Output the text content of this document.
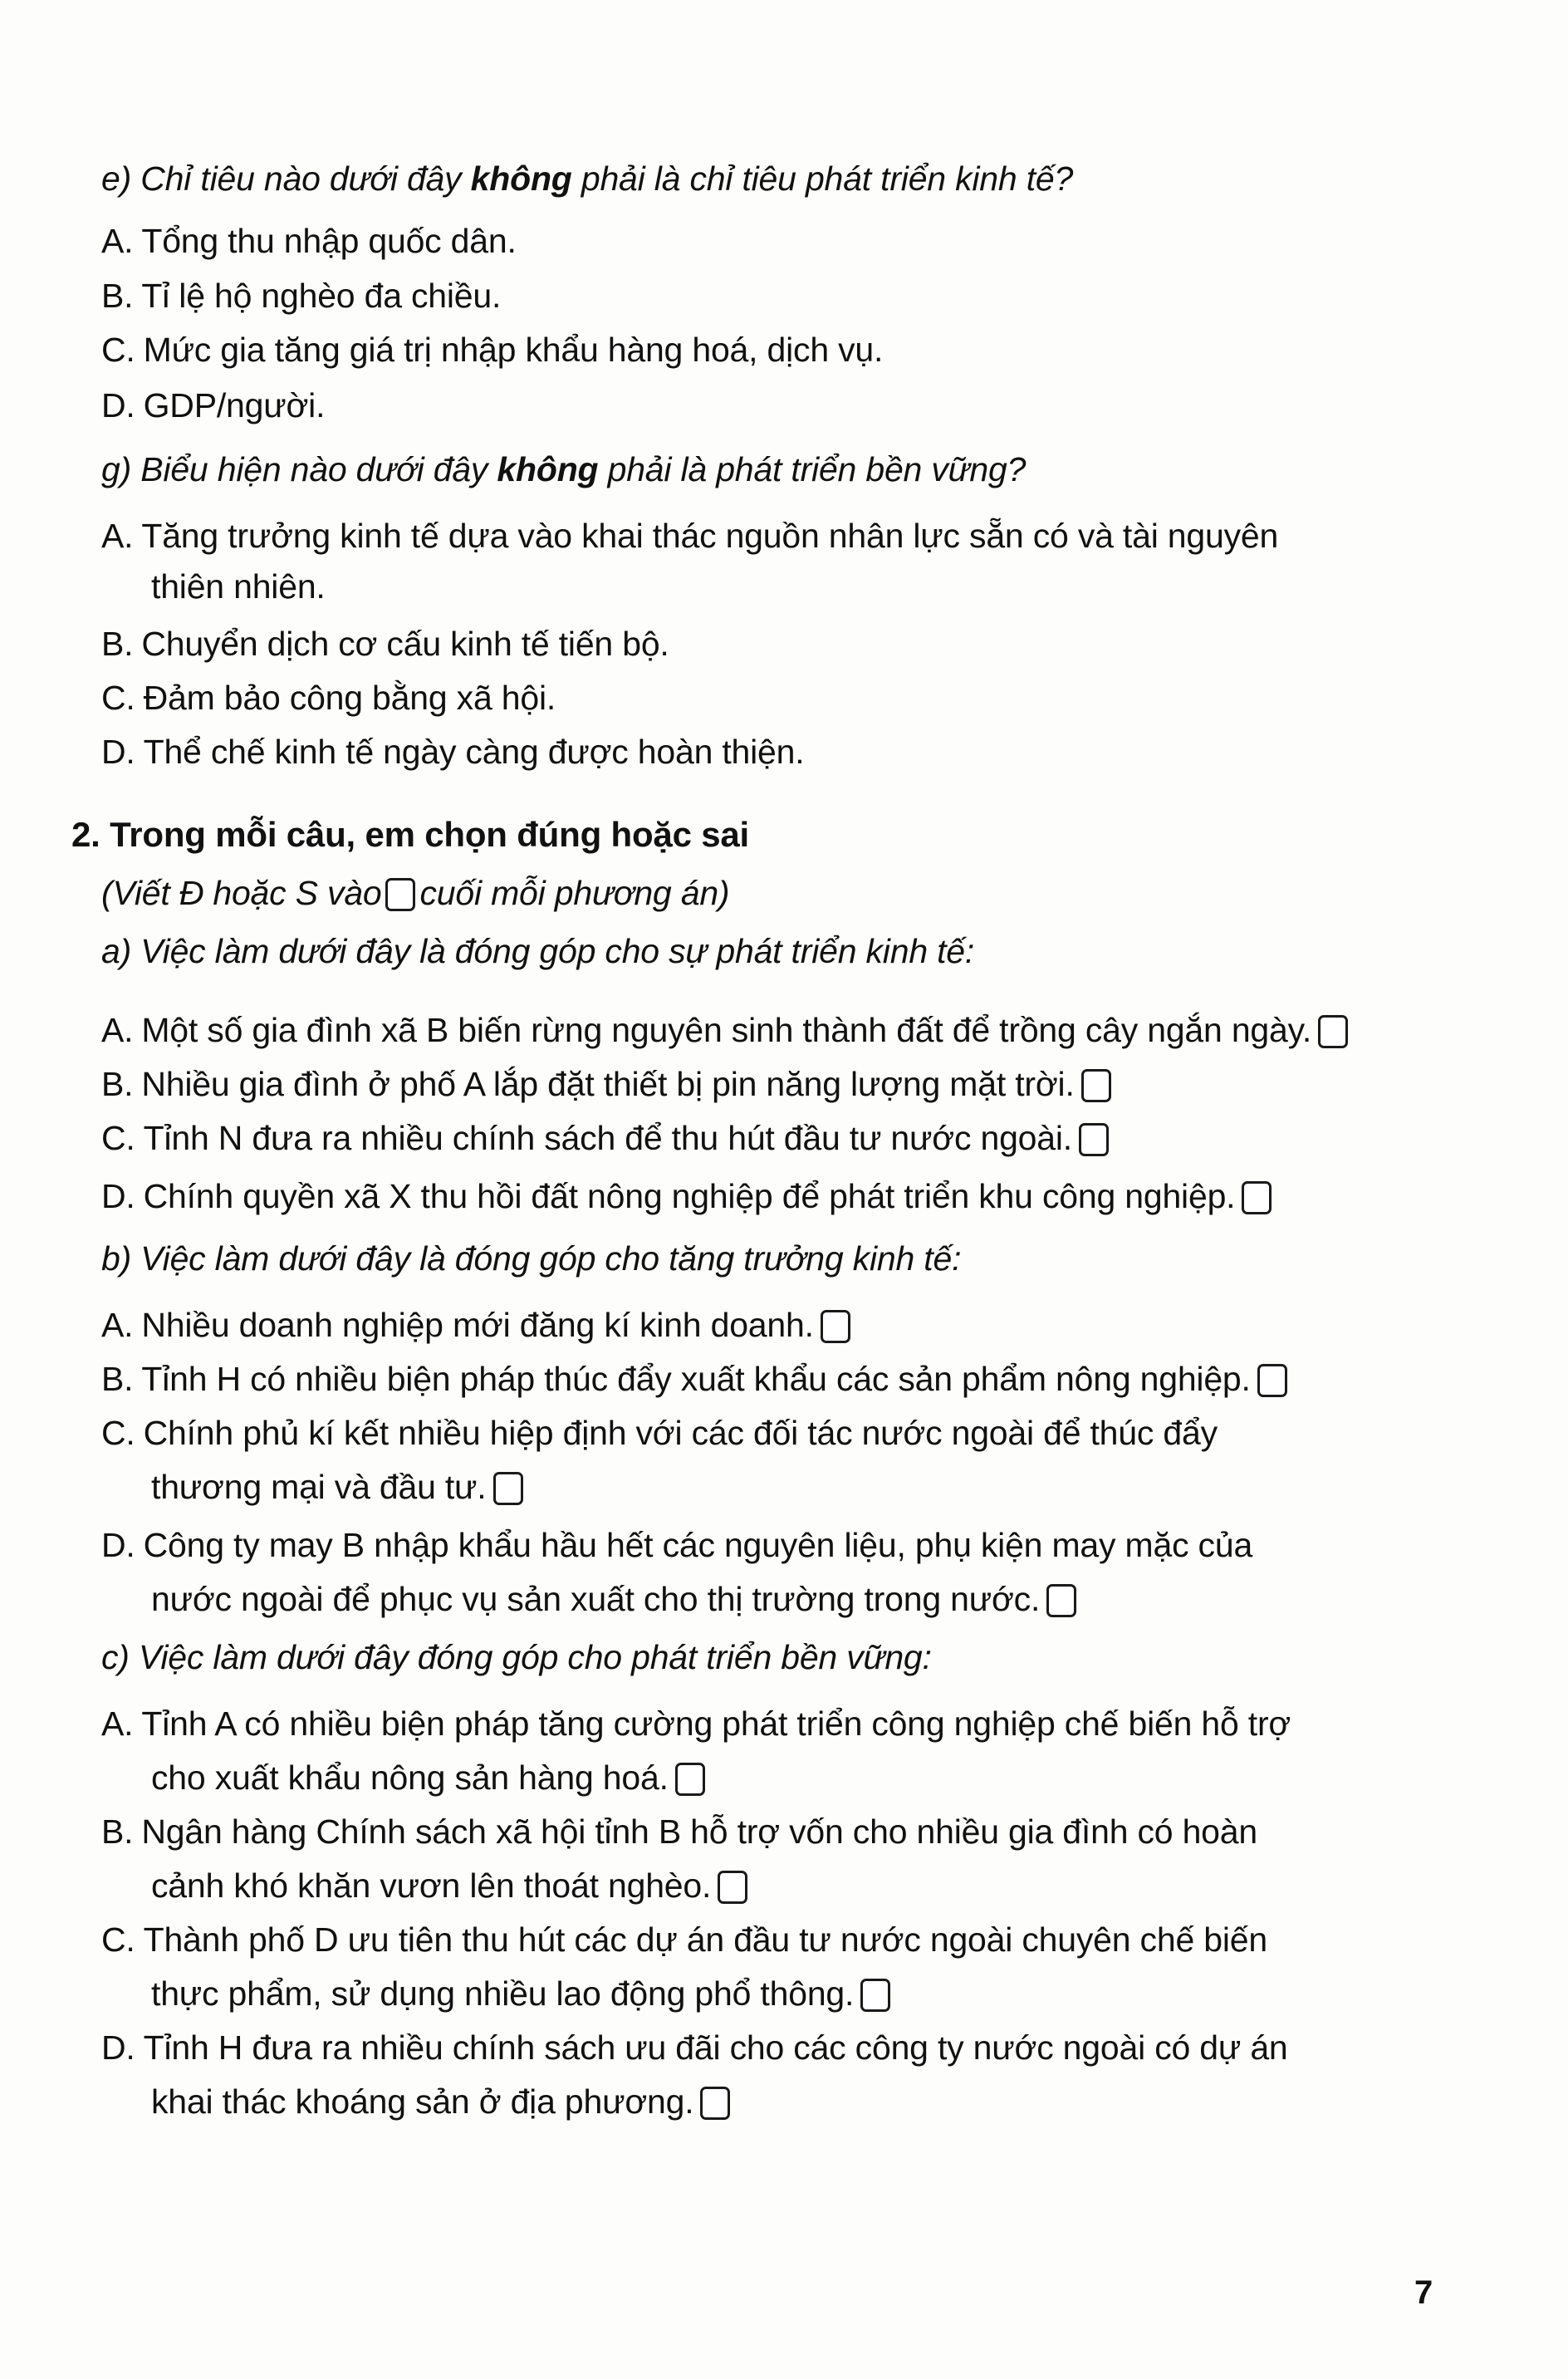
e) Chỉ tiêu nào dưới đây không phải là chỉ tiêu phát triển kinh tế?
A. Tổng thu nhập quốc dân.
B. Tỉ lệ hộ nghèo đa chiều.
C. Mức gia tăng giá trị nhập khẩu hàng hoá, dịch vụ.
D. GDP/người.
g) Biểu hiện nào dưới đây không phải là phát triển bền vững?
A. Tăng trưởng kinh tế dựa vào khai thác nguồn nhân lực sẵn có và tài nguyên
thiên nhiên.
B. Chuyển dịch cơ cấu kinh tế tiến bộ.
C. Đảm bảo công bằng xã hội.
D. Thể chế kinh tế ngày càng được hoàn thiện.
2. Trong mỗi câu, em chọn đúng hoặc sai
(Viết Đ hoặc S vào cuối mỗi phương án)
a) Việc làm dưới đây là đóng góp cho sự phát triển kinh tế:
A. Một số gia đình xã B biến rừng nguyên sinh thành đất để trồng cây ngắn ngày.
B. Nhiều gia đình ở phố A lắp đặt thiết bị pin năng lượng mặt trời.
C. Tỉnh N đưa ra nhiều chính sách để thu hút đầu tư nước ngoài.
D. Chính quyền xã X thu hồi đất nông nghiệp để phát triển khu công nghiệp.
b) Việc làm dưới đây là đóng góp cho tăng trưởng kinh tế:
A. Nhiều doanh nghiệp mới đăng kí kinh doanh.
B. Tỉnh H có nhiều biện pháp thúc đẩy xuất khẩu các sản phẩm nông nghiệp.
C. Chính phủ kí kết nhiều hiệp định với các đối tác nước ngoài để thúc đẩy
thương mại và đầu tư.
D. Công ty may B nhập khẩu hầu hết các nguyên liệu, phụ kiện may mặc của
nước ngoài để phục vụ sản xuất cho thị trường trong nước.
c) Việc làm dưới đây đóng góp cho phát triển bền vững:
A. Tỉnh A có nhiều biện pháp tăng cường phát triển công nghiệp chế biến hỗ trợ
cho xuất khẩu nông sản hàng hoá.
B. Ngân hàng Chính sách xã hội tỉnh B hỗ trợ vốn cho nhiều gia đình có hoàn
cảnh khó khăn vươn lên thoát nghèo.
C. Thành phố D ưu tiên thu hút các dự án đầu tư nước ngoài chuyên chế biến
thực phẩm, sử dụng nhiều lao động phổ thông.
D. Tỉnh H đưa ra nhiều chính sách ưu đãi cho các công ty nước ngoài có dự án
khai thác khoáng sản ở địa phương.
7
